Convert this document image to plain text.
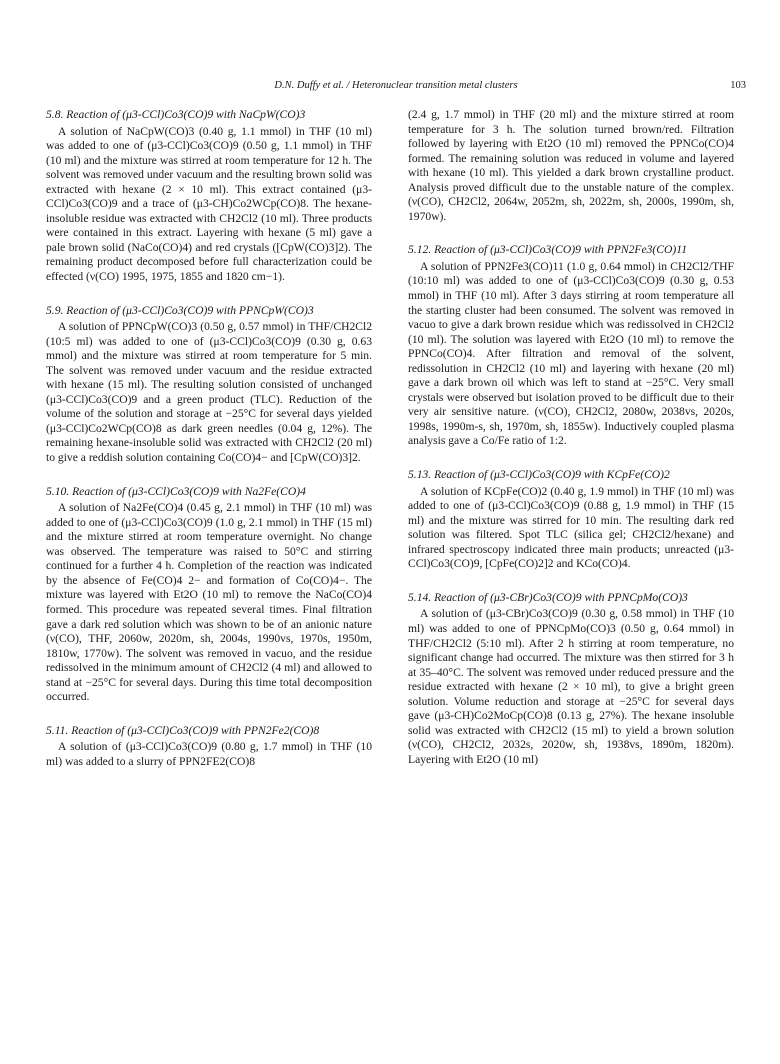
D.N. Duffy et al. / Heteronuclear transition metal clusters	103

5.8. Reaction of (μ3-CCl)Co3(CO)9 with NaCpW(CO)3

A solution of NaCpW(CO)3 (0.40 g, 1.1 mmol) in THF (10 ml) was added to one of (μ3-CCl)Co3(CO)9 (0.50 g, 1.1 mmol) in THF (10 ml) and the mixture was stirred at room temperature for 12 h. The solvent was removed under vacuum and the resulting brown solid was extracted with hexane (2 × 10 ml). This extract contained (μ3-CCl)Co3(CO)9 and a trace of (μ3-CH)Co2WCp(CO)8. The hexane-insoluble residue was extracted with CH2Cl2 (10 ml). Three products were contained in this extract. Layering with hexane (5 ml) gave a pale brown solid (NaCo(CO)4) and red crystals ([CpW(CO)3]2). The remaining product decomposed before full characterization could be effected (ν(CO) 1995, 1975, 1855 and 1820 cm−1).

5.9. Reaction of (μ3-CCl)Co3(CO)9 with PPNCpW(CO)3

A solution of PPNCpW(CO)3 (0.50 g, 0.57 mmol) in THF/CH2Cl2 (10:5 ml) was added to one of (μ3-CCl)Co3(CO)9 (0.30 g, 0.63 mmol) and the mixture was stirred at room temperature for 5 min. The solvent was removed under vacuum and the residue extracted with hexane (15 ml). The resulting solution consisted of unchanged (μ3-CCl)Co3(CO)9 and a green product (TLC). Reduction of the volume of the solution and storage at −25°C for several days yielded (μ3-CCl)Co2WCp(CO)8 as dark green needles (0.04 g, 12%). The remaining hexane-insoluble solid was extracted with CH2Cl2 (20 ml) to give a reddish solution containing Co(CO)4− and [CpW(CO)3]2.

5.10. Reaction of (μ3-CCl)Co3(CO)9 with Na2Fe(CO)4

A solution of Na2Fe(CO)4 (0.45 g, 2.1 mmol) in THF (10 ml) was added to one of (μ3-CCl)Co3(CO)9 (1.0 g, 2.1 mmol) in THF (15 ml) and the mixture stirred at room temperature overnight. No change was observed. The temperature was raised to 50°C and stirring continued for a further 4 h. Completion of the reaction was indicated by the absence of Fe(CO)4 2− and formation of Co(CO)4−. The mixture was layered with Et2O (10 ml) to remove the NaCo(CO)4 formed. This procedure was repeated several times. Final filtration gave a dark red solution which was shown to be of an anionic nature (ν(CO), THF, 2060w, 2020m, sh, 2004s, 1990vs, 1970s, 1950m, 1810w, 1770w). The solvent was removed in vacuo, and the residue redissolved in the minimum amount of CH2Cl2 (4 ml) and allowed to stand at −25°C for several days. During this time total decomposition occurred.

5.11. Reaction of (μ3-CCl)Co3(CO)9 with PPN2Fe2(CO)8

A solution of (μ3-CCl)Co3(CO)9 (0.80 g, 1.7 mmol) in THF (10 ml) was added to a slurry of PPN2FE2(CO)8

(2.4 g, 1.7 mmol) in THF (20 ml) and the mixture stirred at room temperature for 3 h. The solution turned brown/red. Filtration followed by layering with Et2O (10 ml) removed the PPNCo(CO)4 formed. The remaining solution was reduced in volume and layered with hexane (10 ml). This yielded a dark brown crystalline product. Analysis proved difficult due to the unstable nature of the complex. (ν(CO), CH2Cl2, 2064w, 2052m, sh, 2022m, sh, 2000s, 1990m, sh, 1970w).

5.12. Reaction of (μ3-CCl)Co3(CO)9 with PPN2Fe3(CO)11

A solution of PPN2Fe3(CO)11 (1.0 g, 0.64 mmol) in CH2Cl2/THF (10:10 ml) was added to one of (μ3-CCl)Co3(CO)9 (0.30 g, 0.53 mmol) in THF (10 ml). After 3 days stirring at room temperature all the starting cluster had been consumed. The solvent was removed in vacuo to give a dark brown residue which was redissolved in CH2Cl2 (10 ml). The solution was layered with Et2O (10 ml) to remove the PPNCo(CO)4. After filtration and removal of the solvent, redissolution in CH2Cl2 (10 ml) and layering with hexane (20 ml) gave a dark brown oil which was left to stand at −25°C. Very small crystals were observed but isolation proved to be difficult due to their very air sensitive nature. (ν(CO), CH2Cl2, 2080w, 2038vs, 2020s, 1998s, 1990m-s, sh, 1970m, sh, 1855w). Inductively coupled plasma analysis gave a Co/Fe ratio of 1:2.

5.13. Reaction of (μ3-CCl)Co3(CO)9 with KCpFe(CO)2

A solution of KCpFe(CO)2 (0.40 g, 1.9 mmol) in THF (10 ml) was added to one of (μ3-CCl)Co3(CO)9 (0.88 g, 1.9 mmol) in THF (15 ml) and the mixture was stirred for 10 min. The resulting dark red solution was filtered. Spot TLC (silica gel; CH2Cl2/hexane) and infrared spectroscopy indicated three main products; unreacted (μ3-CCl)Co3(CO)9, [CpFe(CO)2]2 and KCo(CO)4.

5.14. Reaction of (μ3-CBr)Co3(CO)9 with PPNCpMo(CO)3

A solution of (μ3-CBr)Co3(CO)9 (0.30 g, 0.58 mmol) in THF (10 ml) was added to one of PPNCpMo(CO)3 (0.50 g, 0.64 mmol) in THF/CH2Cl2 (5:10 ml). After 2 h stirring at room temperature, no significant change had occurred. The mixture was then stirred for 3 h at 35–40°C. The solvent was removed under reduced pressure and the residue extracted with hexane (2 × 10 ml), to give a bright green solution. Volume reduction and storage at −25°C for several days gave (μ3-CH)Co2MoCp(CO)8 (0.13 g, 27%). The hexane insoluble solid was extracted with CH2Cl2 (15 ml) to yield a brown solution (ν(CO), CH2Cl2, 2032s, 2020w, sh, 1938vs, 1890m, 1820m). Layering with Et2O (10 ml)
